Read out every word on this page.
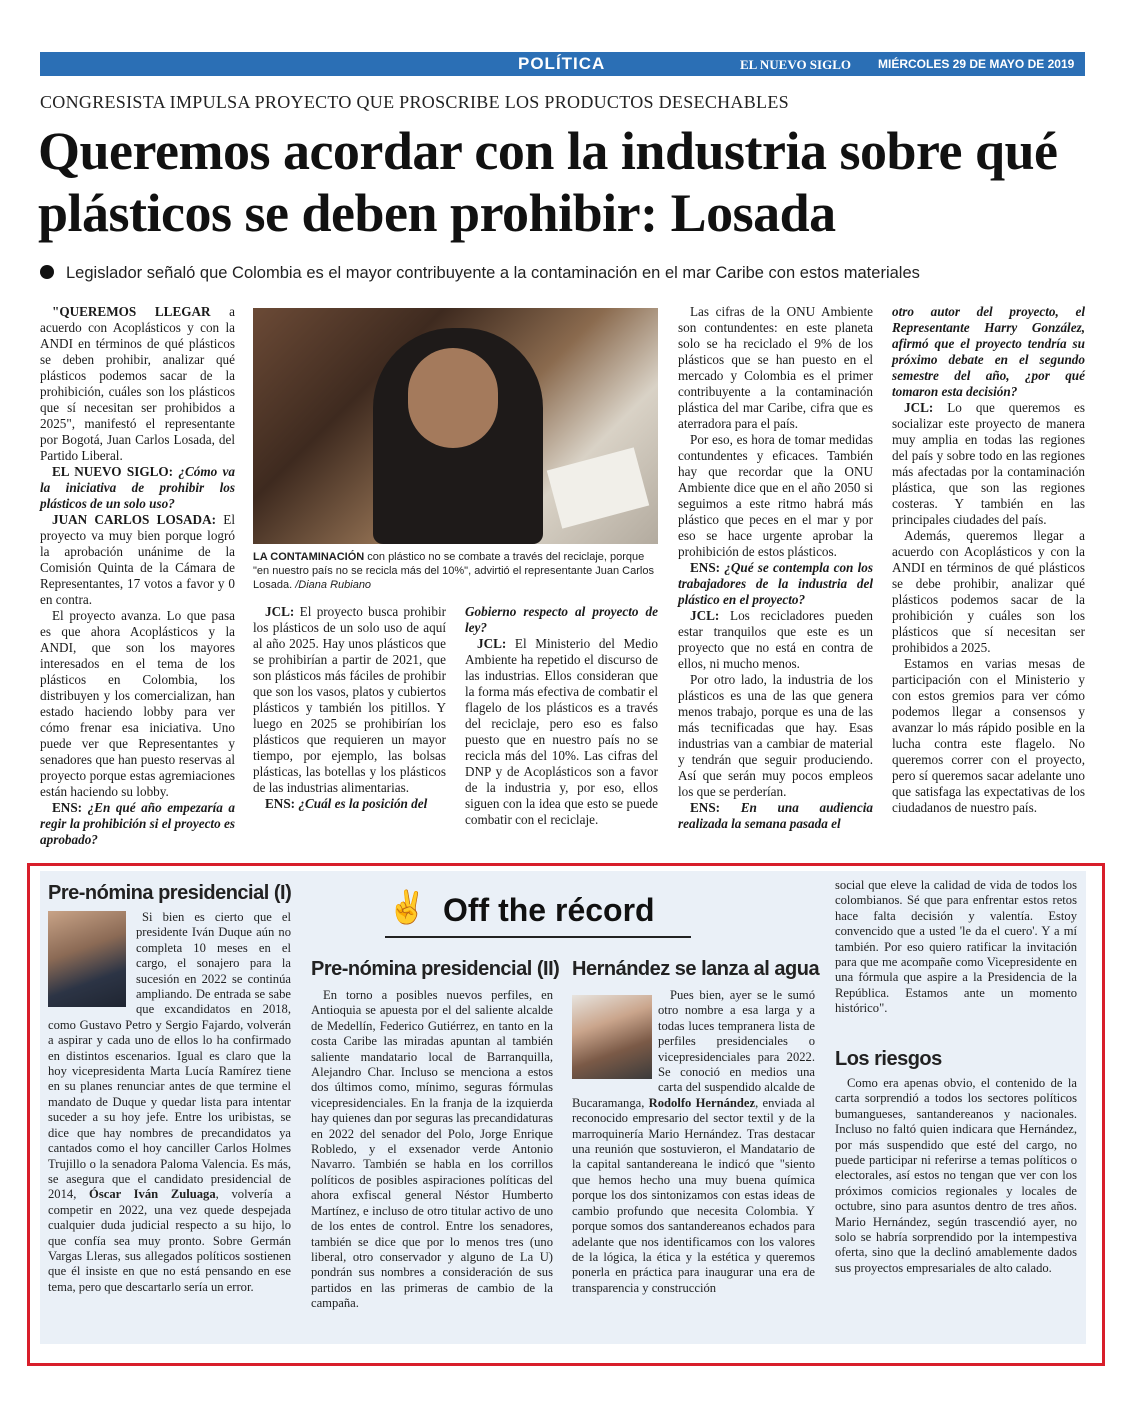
POLÍTICA	EL NUEVO SIGLO MIÉRCOLES 29 DE MAYO DE 2019 11A
CONGRESISTA IMPULSA PROYECTO QUE PROSCRIBE LOS PRODUCTOS DESECHABLES
Queremos acordar con la industria sobre qué plásticos se deben prohibir: Losada
Legislador señaló que Colombia es el mayor contribuyente a la contaminación en el mar Caribe con estos materiales

"QUEREMOS LLEGAR a acuerdo con Acoplásticos y con la ANDI en términos de qué plásticos se deben prohibir, analizar qué plásticos podemos sacar de la prohibición, cuáles son los plásticos que sí necesitan ser prohibidos a 2025", manifestó el representante por Bogotá, Juan Carlos Losada, del Partido Liberal.

EL NUEVO SIGLO: ¿Cómo va la iniciativa de prohibir los plásticos de un solo uso?

JUAN CARLOS LOSADA: El proyecto va muy bien porque logró la aprobación unánime de la Comisión Quinta de la Cámara de Representantes, 17 votos a favor y 0 en contra.

El proyecto avanza. Lo que pasa es que ahora Acoplásticos y la ANDI, que son los mayores interesados en el tema de los plásticos en Colombia, los distribuyen y los comercializan, han estado haciendo lobby para ver cómo frenar esa iniciativa. Uno puede ver que Representantes y senadores que han puesto reservas al proyecto porque estas agremiaciones están haciendo su lobby.

ENS: ¿En qué año empezaría a regir la prohibición si el proyecto es aprobado?

LA CONTAMINACIÓN con plástico no se combate a través del reciclaje, porque "en nuestro país no se recicla más del 10%", advirtió el representante Juan Carlos Losada. /Diana Rubiano

JCL: El proyecto busca prohibir los plásticos de un solo uso de aquí al año 2025. Hay unos plásticos que se prohibirían a partir de 2021, que son plásticos más fáciles de prohibir que son los vasos, platos y cubiertos plásticos y también los pitillos. Y luego en 2025 se prohibirían los plásticos que requieren un mayor tiempo, por ejemplo, las bolsas plásticas, las botellas y los plásticos de las industrias alimentarias.

ENS: ¿Cuál es la posición del

Gobierno respecto al proyecto de ley?

JCL: El Ministerio del Medio Ambiente ha repetido el discurso de las industrias. Ellos consideran que la forma más efectiva de combatir el flagelo de los plásticos es a través del reciclaje, pero eso es falso puesto que en nuestro país no se recicla más del 10%. Las cifras del DNP y de Acoplásticos son a favor de la industria y, por eso, ellos siguen con la idea que esto se puede combatir con el reciclaje.

Las cifras de la ONU Ambiente son contundentes: en este planeta solo se ha reciclado el 9% de los plásticos que se han puesto en el mercado y Colombia es el primer contribuyente a la contaminación plástica del mar Caribe, cifra que es aterradora para el país.

Por eso, es hora de tomar medidas contundentes y eficaces. También hay que recordar que la ONU Ambiente dice que en el año 2050 si seguimos a este ritmo habrá más plástico que peces en el mar y por eso se hace urgente aprobar la prohibición de estos plásticos.

ENS: ¿Qué se contempla con los trabajadores de la industria del plástico en el proyecto?

JCL: Los recicladores pueden estar tranquilos que este es un proyecto que no está en contra de ellos, ni mucho menos.

Por otro lado, la industria de los plásticos es una de las que genera menos trabajo, porque es una de las más tecnificadas que hay. Esas industrias van a cambiar de material y tendrán que seguir produciendo. Así que serán muy pocos empleos los que se perderían.

ENS: En una audiencia realizada la semana pasada el

otro autor del proyecto, el Representante Harry González, afirmó que el proyecto tendría su próximo debate en el segundo semestre del año, ¿por qué tomaron esta decisión?

JCL: Lo que queremos es socializar este proyecto de manera muy amplia en todas las regiones del país y sobre todo en las regiones más afectadas por la contaminación plástica, que son las regiones costeras. Y también en las principales ciudades del país.

Además, queremos llegar a acuerdo con Acoplásticos y con la ANDI en términos de qué plásticos se debe prohibir, analizar qué plásticos podemos sacar de la prohibición y cuáles son los plásticos que sí necesitan ser prohibidos a 2025.

Estamos en varias mesas de participación con el Ministerio y con estos gremios para ver cómo podemos llegar a consensos y avanzar lo más rápido posible en la lucha contra este flagelo. No queremos correr con el proyecto, pero sí queremos sacar adelante uno que satisfaga las expectativas de los ciudadanos de nuestro país.

✌ Off the récord
Pre-nómina presidencial (I)

Si bien es cierto que el presidente Iván Duque aún no completa 10 meses en el cargo, el sonajero para la sucesión en 2022 se continúa ampliando. De entrada se sabe que excandidatos en 2018, como Gustavo Petro y Sergio Fajardo, volverán a aspirar y cada uno de ellos lo ha confirmado en distintos escenarios. Igual es claro que la hoy vicepresidenta Marta Lucía Ramírez tiene en su planes renunciar antes de que termine el mandato de Duque y quedar lista para intentar suceder a su hoy jefe. Entre los uribistas, se dice que hay nombres de precandidatos ya cantados como el hoy canciller Carlos Holmes Trujillo o la senadora Paloma Valencia. Es más, se asegura que el candidato presidencial de 2014, Óscar Iván Zuluaga, volvería a competir en 2022, una vez quede despejada cualquier duda judicial respecto a su hijo, lo que confía sea muy pronto. Sobre Germán Vargas Lleras, sus allegados políticos sostienen que él insiste en que no está pensando en ese tema, pero que descartarlo sería un error.

Pre-nómina presidencial (II)

En torno a posibles nuevos perfiles, en Antioquia se apuesta por el del saliente alcalde de Medellín, Federico Gutiérrez, en tanto en la costa Caribe las miradas apuntan al también saliente mandatario local de Barranquilla, Alejandro Char. Incluso se menciona a estos dos últimos como, mínimo, seguras fórmulas vicepresidenciales. En la franja de la izquierda hay quienes dan por seguras las precandidaturas en 2022 del senador del Polo, Jorge Enrique Robledo, y el exsenador verde Antonio Navarro. También se habla en los corrillos políticos de posibles aspiraciones políticas del ahora exfiscal general Néstor Humberto Martínez, e incluso de otro titular activo de uno de los entes de control. Entre los senadores, también se dice que por lo menos tres (uno liberal, otro conservador y alguno de La U) pondrán sus nombres a consideración de sus partidos en las primeras de cambio de la campaña.

Hernández se lanza al agua

Pues bien, ayer se le sumó otro nombre a esa larga y a todas luces tempranera lista de perfiles presidenciales o vicepresidenciales para 2022. Se conoció en medios una carta del suspendido alcalde de Bucaramanga, Rodolfo Hernández, enviada al reconocido empresario del sector textil y de la marroquinería Mario Hernández. Tras destacar una reunión que sostuvieron, el Mandatario de la capital santandereana le indicó que "siento que hemos hecho una muy buena química porque los dos sintonizamos con estas ideas de cambio profundo que necesita Colombia. Y porque somos dos santandereanos echados para adelante que nos identificamos con los valores de la lógica, la ética y la estética y queremos ponerla en práctica para inaugurar una era de transparencia y construcción

social que eleve la calidad de vida de todos los colombianos. Sé que para enfrentar estos retos hace falta decisión y valentía. Estoy convencido que a usted 'le da el cuero'. Y a mí también. Por eso quiero ratificar la invitación para que me acompañe como Vicepresidente en una fórmula que aspire a la Presidencia de la República. Estamos ante un momento histórico".

Los riesgos

Como era apenas obvio, el contenido de la carta sorprendió a todos los sectores políticos bumangueses, santandereanos y nacionales. Incluso no faltó quien indicara que Hernández, por más suspendido que esté del cargo, no puede participar ni referirse a temas políticos o electorales, así estos no tengan que ver con los próximos comicios regionales y locales de octubre, sino para asuntos dentro de tres años. Mario Hernández, según trascendió ayer, no solo se habría sorprendido por la intempestiva oferta, sino que la declinó amablemente dados sus proyectos empresariales de alto calado.
